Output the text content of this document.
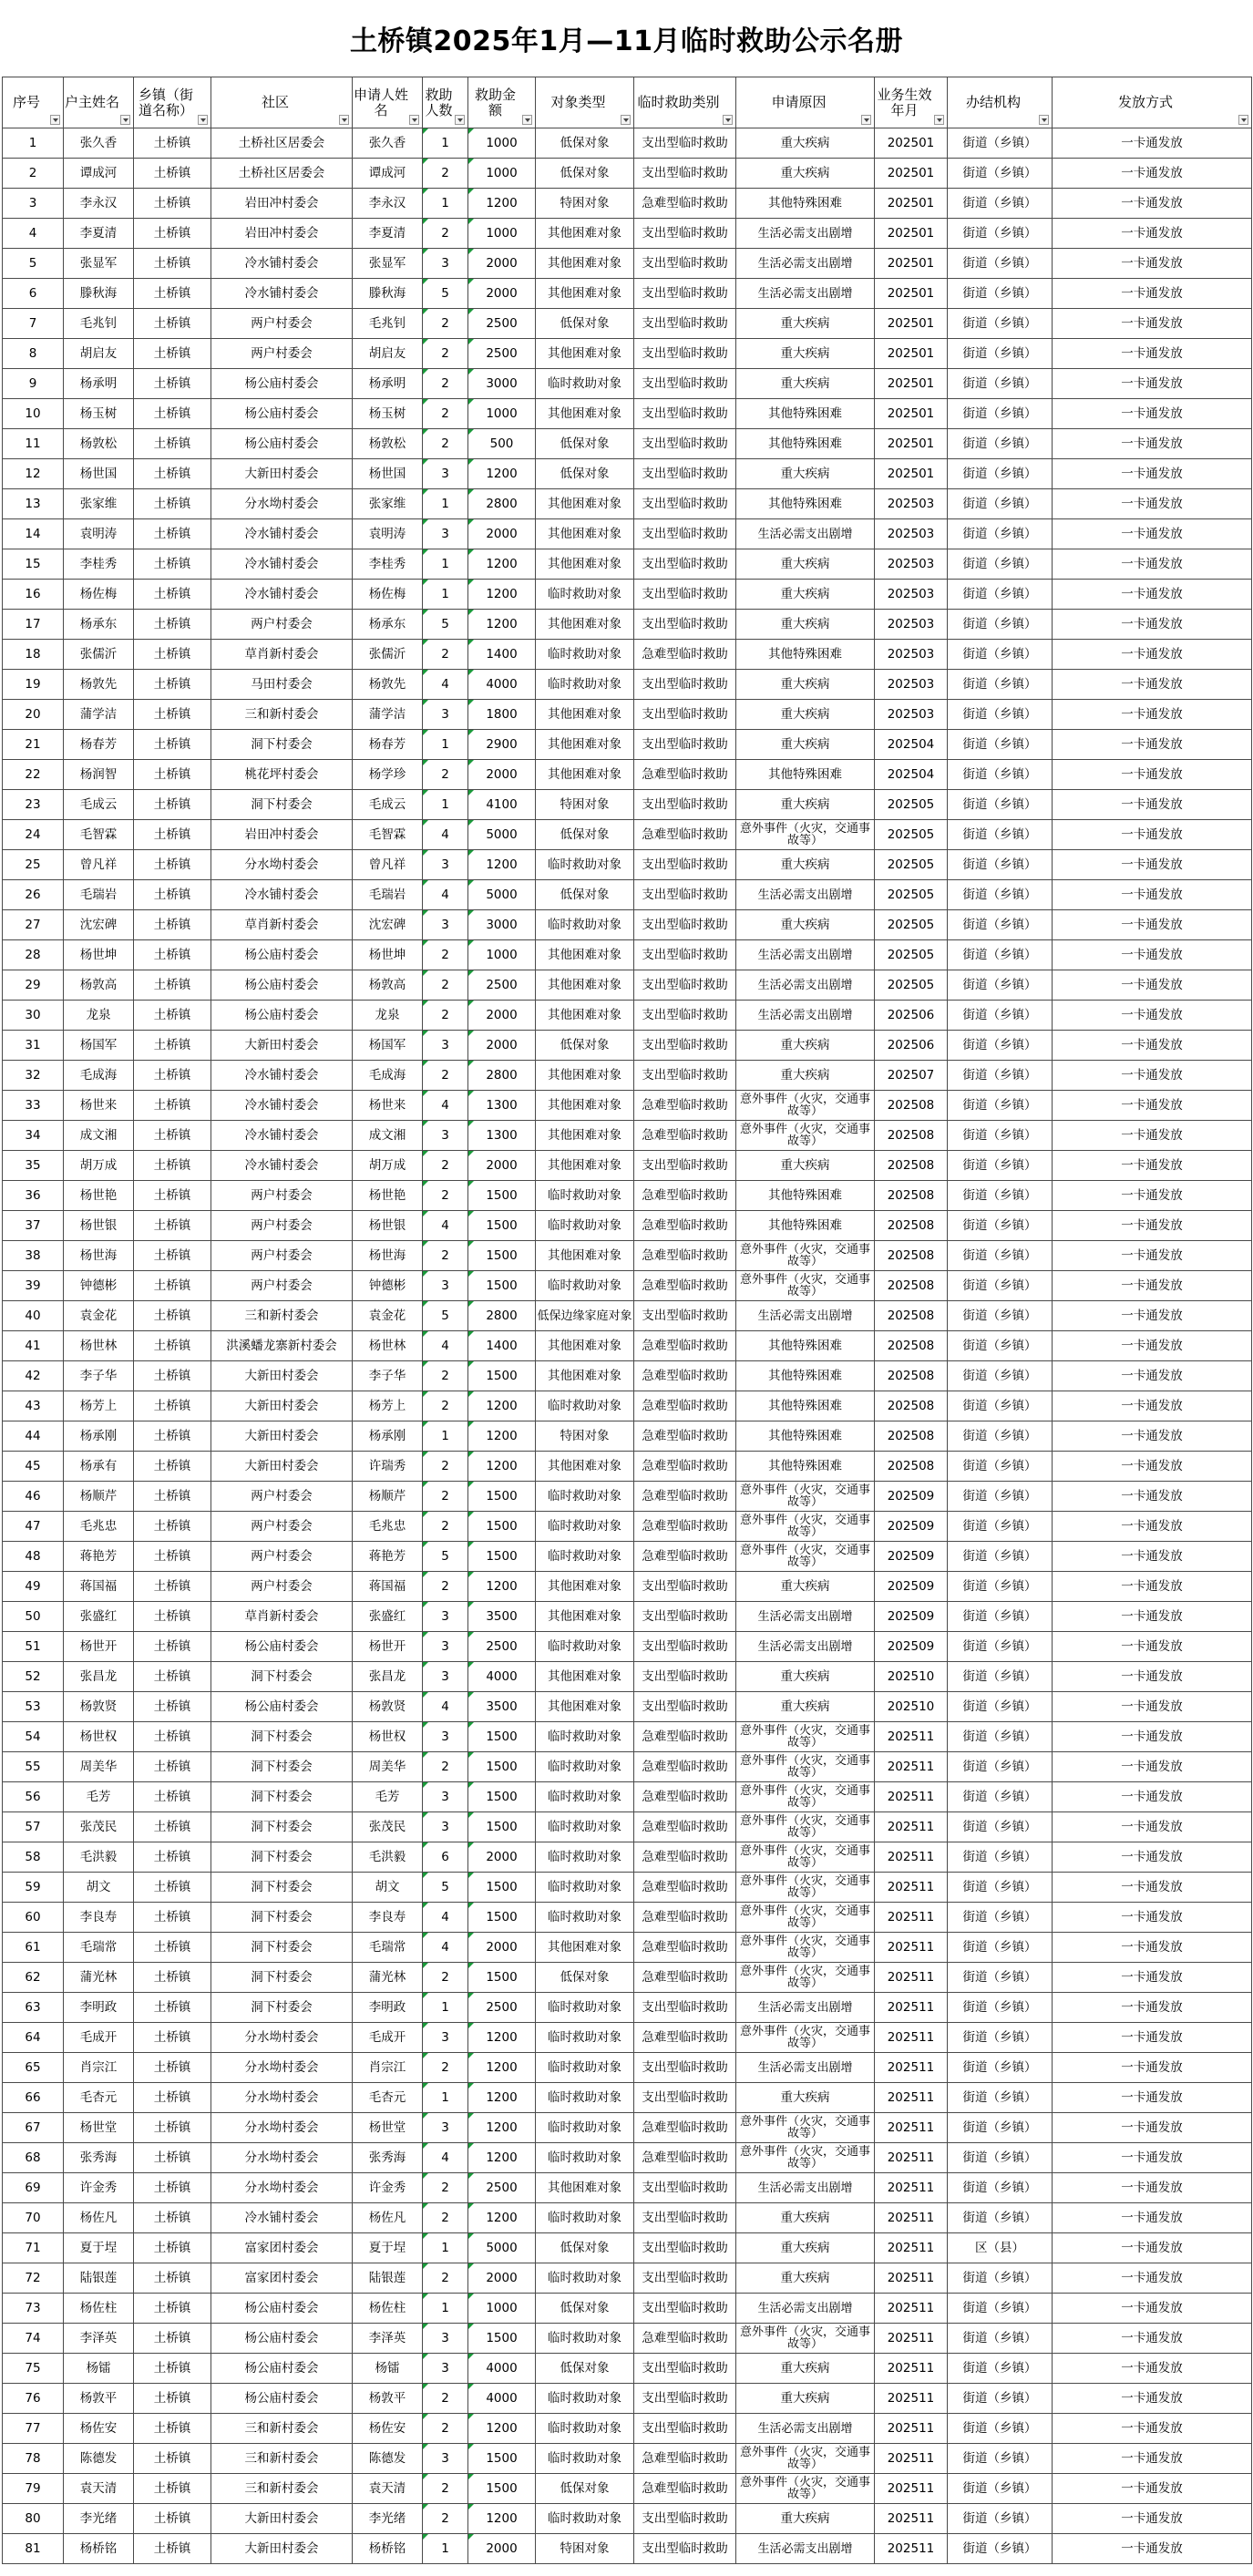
土桥镇2025年1月—11月临时救助公示名册
序号	户主姓名	乡镇（街道名称）	社区	申请人姓名	救助人数	救助金额	对象类型	临时救助类别	申请原因	业务生效年月	办结机构	发放方式

1	张久香	土桥镇	土桥社区居委会	张久香	1	1000	低保对象	支出型临时救助	重大疾病	202501	街道（乡镇）	一卡通发放
2	谭成河	土桥镇	土桥社区居委会	谭成河	2	1000	低保对象	支出型临时救助	重大疾病	202501	街道（乡镇）	一卡通发放
3	李永汉	土桥镇	岩田冲村委会	李永汉	1	1200	特困对象	急难型临时救助	其他特殊困难	202501	街道（乡镇）	一卡通发放
4	李夏清	土桥镇	岩田冲村委会	李夏清	2	1000	其他困难对象	支出型临时救助	生活必需支出剧增	202501	街道（乡镇）	一卡通发放
5	张显军	土桥镇	冷水铺村委会	张显军	3	2000	其他困难对象	支出型临时救助	生活必需支出剧增	202501	街道（乡镇）	一卡通发放
6	滕秋海	土桥镇	冷水铺村委会	滕秋海	5	2000	其他困难对象	支出型临时救助	生活必需支出剧增	202501	街道（乡镇）	一卡通发放
7	毛兆钊	土桥镇	两户村委会	毛兆钊	2	2500	低保对象	支出型临时救助	重大疾病	202501	街道（乡镇）	一卡通发放
8	胡启友	土桥镇	两户村委会	胡启友	2	2500	其他困难对象	支出型临时救助	重大疾病	202501	街道（乡镇）	一卡通发放
9	杨承明	土桥镇	杨公庙村委会	杨承明	2	3000	临时救助对象	支出型临时救助	重大疾病	202501	街道（乡镇）	一卡通发放
10	杨玉树	土桥镇	杨公庙村委会	杨玉树	2	1000	其他困难对象	支出型临时救助	其他特殊困难	202501	街道（乡镇）	一卡通发放
11	杨敦松	土桥镇	杨公庙村委会	杨敦松	2	500	低保对象	支出型临时救助	其他特殊困难	202501	街道（乡镇）	一卡通发放
12	杨世国	土桥镇	大新田村委会	杨世国	3	1200	低保对象	支出型临时救助	重大疾病	202501	街道（乡镇）	一卡通发放
13	张家维	土桥镇	分水坳村委会	张家维	1	2800	其他困难对象	支出型临时救助	其他特殊困难	202503	街道（乡镇）	一卡通发放
14	袁明涛	土桥镇	冷水铺村委会	袁明涛	3	2000	其他困难对象	支出型临时救助	生活必需支出剧增	202503	街道（乡镇）	一卡通发放
15	李桂秀	土桥镇	冷水铺村委会	李桂秀	1	1200	其他困难对象	支出型临时救助	重大疾病	202503	街道（乡镇）	一卡通发放
16	杨佐梅	土桥镇	冷水铺村委会	杨佐梅	1	1200	临时救助对象	支出型临时救助	重大疾病	202503	街道（乡镇）	一卡通发放
17	杨承东	土桥镇	两户村委会	杨承东	5	1200	其他困难对象	支出型临时救助	重大疾病	202503	街道（乡镇）	一卡通发放
18	张儒沂	土桥镇	草肖新村委会	张儒沂	2	1400	临时救助对象	急难型临时救助	其他特殊困难	202503	街道（乡镇）	一卡通发放
19	杨敦先	土桥镇	马田村委会	杨敦先	4	4000	临时救助对象	支出型临时救助	重大疾病	202503	街道（乡镇）	一卡通发放
20	蒲学洁	土桥镇	三和新村委会	蒲学洁	3	1800	其他困难对象	支出型临时救助	重大疾病	202503	街道（乡镇）	一卡通发放
21	杨春芳	土桥镇	洞下村委会	杨春芳	1	2900	其他困难对象	支出型临时救助	重大疾病	202504	街道（乡镇）	一卡通发放
22	杨润智	土桥镇	桃花坪村委会	杨学珍	2	2000	其他困难对象	急难型临时救助	其他特殊困难	202504	街道（乡镇）	一卡通发放
23	毛成云	土桥镇	洞下村委会	毛成云	1	4100	特困对象	支出型临时救助	重大疾病	202505	街道（乡镇）	一卡通发放
24	毛智霖	土桥镇	岩田冲村委会	毛智霖	4	5000	低保对象	急难型临时救助	意外事件（火灾，交通事故等）	202505	街道（乡镇）	一卡通发放
25	曾凡祥	土桥镇	分水坳村委会	曾凡祥	3	1200	临时救助对象	支出型临时救助	重大疾病	202505	街道（乡镇）	一卡通发放
26	毛瑞岩	土桥镇	冷水铺村委会	毛瑞岩	4	5000	低保对象	支出型临时救助	生活必需支出剧增	202505	街道（乡镇）	一卡通发放
27	沈宏碑	土桥镇	草肖新村委会	沈宏碑	3	3000	临时救助对象	支出型临时救助	重大疾病	202505	街道（乡镇）	一卡通发放
28	杨世坤	土桥镇	杨公庙村委会	杨世坤	2	1000	其他困难对象	支出型临时救助	生活必需支出剧增	202505	街道（乡镇）	一卡通发放
29	杨敦高	土桥镇	杨公庙村委会	杨敦高	2	2500	其他困难对象	支出型临时救助	生活必需支出剧增	202505	街道（乡镇）	一卡通发放
30	龙泉	土桥镇	杨公庙村委会	龙泉	2	2000	其他困难对象	支出型临时救助	生活必需支出剧增	202506	街道（乡镇）	一卡通发放
31	杨国军	土桥镇	大新田村委会	杨国军	3	2000	低保对象	支出型临时救助	重大疾病	202506	街道（乡镇）	一卡通发放
32	毛成海	土桥镇	冷水铺村委会	毛成海	2	2800	其他困难对象	支出型临时救助	重大疾病	202507	街道（乡镇）	一卡通发放
33	杨世来	土桥镇	冷水铺村委会	杨世来	4	1300	其他困难对象	急难型临时救助	意外事件（火灾，交通事故等）	202508	街道（乡镇）	一卡通发放
34	成文湘	土桥镇	冷水铺村委会	成文湘	3	1300	其他困难对象	急难型临时救助	意外事件（火灾，交通事故等）	202508	街道（乡镇）	一卡通发放
35	胡万成	土桥镇	冷水铺村委会	胡万成	2	2000	其他困难对象	支出型临时救助	重大疾病	202508	街道（乡镇）	一卡通发放
36	杨世艳	土桥镇	两户村委会	杨世艳	2	1500	临时救助对象	急难型临时救助	其他特殊困难	202508	街道（乡镇）	一卡通发放
37	杨世银	土桥镇	两户村委会	杨世银	4	1500	临时救助对象	急难型临时救助	其他特殊困难	202508	街道（乡镇）	一卡通发放
38	杨世海	土桥镇	两户村委会	杨世海	2	1500	其他困难对象	急难型临时救助	意外事件（火灾，交通事故等）	202508	街道（乡镇）	一卡通发放
39	钟德彬	土桥镇	两户村委会	钟德彬	3	1500	临时救助对象	急难型临时救助	意外事件（火灾，交通事故等）	202508	街道（乡镇）	一卡通发放
40	袁金花	土桥镇	三和新村委会	袁金花	5	2800	低保边缘家庭对象	支出型临时救助	生活必需支出剧增	202508	街道（乡镇）	一卡通发放
41	杨世林	土桥镇	洪溪蟠龙寨新村委会	杨世林	4	1400	其他困难对象	急难型临时救助	其他特殊困难	202508	街道（乡镇）	一卡通发放
42	李子华	土桥镇	大新田村委会	李子华	2	1500	其他困难对象	急难型临时救助	其他特殊困难	202508	街道（乡镇）	一卡通发放
43	杨芳上	土桥镇	大新田村委会	杨芳上	2	1200	临时救助对象	急难型临时救助	其他特殊困难	202508	街道（乡镇）	一卡通发放
44	杨承刚	土桥镇	大新田村委会	杨承刚	1	1200	特困对象	急难型临时救助	其他特殊困难	202508	街道（乡镇）	一卡通发放
45	杨承有	土桥镇	大新田村委会	许瑞秀	2	1200	其他困难对象	急难型临时救助	其他特殊困难	202508	街道（乡镇）	一卡通发放
46	杨顺芹	土桥镇	两户村委会	杨顺芹	2	1500	临时救助对象	急难型临时救助	意外事件（火灾，交通事故等）	202509	街道（乡镇）	一卡通发放
47	毛兆忠	土桥镇	两户村委会	毛兆忠	2	1500	临时救助对象	急难型临时救助	意外事件（火灾，交通事故等）	202509	街道（乡镇）	一卡通发放
48	蒋艳芳	土桥镇	两户村委会	蒋艳芳	5	1500	临时救助对象	急难型临时救助	意外事件（火灾，交通事故等）	202509	街道（乡镇）	一卡通发放
49	蒋国福	土桥镇	两户村委会	蒋国福	2	1200	其他困难对象	支出型临时救助	重大疾病	202509	街道（乡镇）	一卡通发放
50	张盛红	土桥镇	草肖新村委会	张盛红	3	3500	其他困难对象	支出型临时救助	生活必需支出剧增	202509	街道（乡镇）	一卡通发放
51	杨世开	土桥镇	杨公庙村委会	杨世开	3	2500	临时救助对象	支出型临时救助	生活必需支出剧增	202509	街道（乡镇）	一卡通发放
52	张昌龙	土桥镇	洞下村委会	张昌龙	3	4000	其他困难对象	支出型临时救助	重大疾病	202510	街道（乡镇）	一卡通发放
53	杨敦贤	土桥镇	杨公庙村委会	杨敦贤	4	3500	其他困难对象	支出型临时救助	重大疾病	202510	街道（乡镇）	一卡通发放
54	杨世权	土桥镇	洞下村委会	杨世权	3	1500	临时救助对象	急难型临时救助	意外事件（火灾，交通事故等）	202511	街道（乡镇）	一卡通发放
55	周美华	土桥镇	洞下村委会	周美华	2	1500	临时救助对象	急难型临时救助	意外事件（火灾，交通事故等）	202511	街道（乡镇）	一卡通发放
56	毛芳	土桥镇	洞下村委会	毛芳	3	1500	临时救助对象	急难型临时救助	意外事件（火灾，交通事故等）	202511	街道（乡镇）	一卡通发放
57	张茂民	土桥镇	洞下村委会	张茂民	3	1500	临时救助对象	急难型临时救助	意外事件（火灾，交通事故等）	202511	街道（乡镇）	一卡通发放
58	毛洪毅	土桥镇	洞下村委会	毛洪毅	6	2000	临时救助对象	急难型临时救助	意外事件（火灾，交通事故等）	202511	街道（乡镇）	一卡通发放
59	胡文	土桥镇	洞下村委会	胡文	5	1500	临时救助对象	急难型临时救助	意外事件（火灾，交通事故等）	202511	街道（乡镇）	一卡通发放
60	李良寿	土桥镇	洞下村委会	李良寿	4	1500	临时救助对象	急难型临时救助	意外事件（火灾，交通事故等）	202511	街道（乡镇）	一卡通发放
61	毛瑞常	土桥镇	洞下村委会	毛瑞常	4	2000	其他困难对象	急难型临时救助	意外事件（火灾，交通事故等）	202511	街道（乡镇）	一卡通发放
62	蒲光林	土桥镇	洞下村委会	蒲光林	2	1500	低保对象	急难型临时救助	意外事件（火灾，交通事故等）	202511	街道（乡镇）	一卡通发放
63	李明政	土桥镇	洞下村委会	李明政	1	2500	临时救助对象	支出型临时救助	生活必需支出剧增	202511	街道（乡镇）	一卡通发放
64	毛成开	土桥镇	分水坳村委会	毛成开	3	1200	临时救助对象	急难型临时救助	意外事件（火灾，交通事故等）	202511	街道（乡镇）	一卡通发放
65	肖宗江	土桥镇	分水坳村委会	肖宗江	2	1200	临时救助对象	支出型临时救助	生活必需支出剧增	202511	街道（乡镇）	一卡通发放
66	毛杏元	土桥镇	分水坳村委会	毛杏元	1	1200	临时救助对象	支出型临时救助	重大疾病	202511	街道（乡镇）	一卡通发放
67	杨世堂	土桥镇	分水坳村委会	杨世堂	3	1200	临时救助对象	急难型临时救助	意外事件（火灾，交通事故等）	202511	街道（乡镇）	一卡通发放
68	张秀海	土桥镇	分水坳村委会	张秀海	4	1200	临时救助对象	急难型临时救助	意外事件（火灾，交通事故等）	202511	街道（乡镇）	一卡通发放
69	许金秀	土桥镇	分水坳村委会	许金秀	2	2500	其他困难对象	支出型临时救助	生活必需支出剧增	202511	街道（乡镇）	一卡通发放
70	杨佐凡	土桥镇	冷水铺村委会	杨佐凡	2	1200	临时救助对象	支出型临时救助	重大疾病	202511	街道（乡镇）	一卡通发放
71	夏于埕	土桥镇	富家团村委会	夏于埕	1	5000	低保对象	支出型临时救助	重大疾病	202511	区（县）	一卡通发放
72	陆银莲	土桥镇	富家团村委会	陆银莲	2	2000	临时救助对象	支出型临时救助	重大疾病	202511	街道（乡镇）	一卡通发放
73	杨佐柱	土桥镇	杨公庙村委会	杨佐柱	1	1000	低保对象	支出型临时救助	生活必需支出剧增	202511	街道（乡镇）	一卡通发放
74	李泽英	土桥镇	杨公庙村委会	李泽英	3	1500	临时救助对象	急难型临时救助	意外事件（火灾，交通事故等）	202511	街道（乡镇）	一卡通发放
75	杨镭	土桥镇	杨公庙村委会	杨镭	3	4000	低保对象	支出型临时救助	重大疾病	202511	街道（乡镇）	一卡通发放
76	杨敦平	土桥镇	杨公庙村委会	杨敦平	2	4000	临时救助对象	支出型临时救助	重大疾病	202511	街道（乡镇）	一卡通发放
77	杨佐安	土桥镇	三和新村委会	杨佐安	2	1200	临时救助对象	支出型临时救助	生活必需支出剧增	202511	街道（乡镇）	一卡通发放
78	陈德发	土桥镇	三和新村委会	陈德发	3	1500	临时救助对象	急难型临时救助	意外事件（火灾，交通事故等）	202511	街道（乡镇）	一卡通发放
79	袁天清	土桥镇	三和新村委会	袁天清	2	1500	低保对象	急难型临时救助	意外事件（火灾，交通事故等）	202511	街道（乡镇）	一卡通发放
80	李光绪	土桥镇	大新田村委会	李光绪	2	1200	临时救助对象	支出型临时救助	重大疾病	202511	街道（乡镇）	一卡通发放
81	杨桥铭	土桥镇	大新田村委会	杨桥铭	1	2000	特困对象	支出型临时救助	生活必需支出剧增	202511	街道（乡镇）	一卡通发放
